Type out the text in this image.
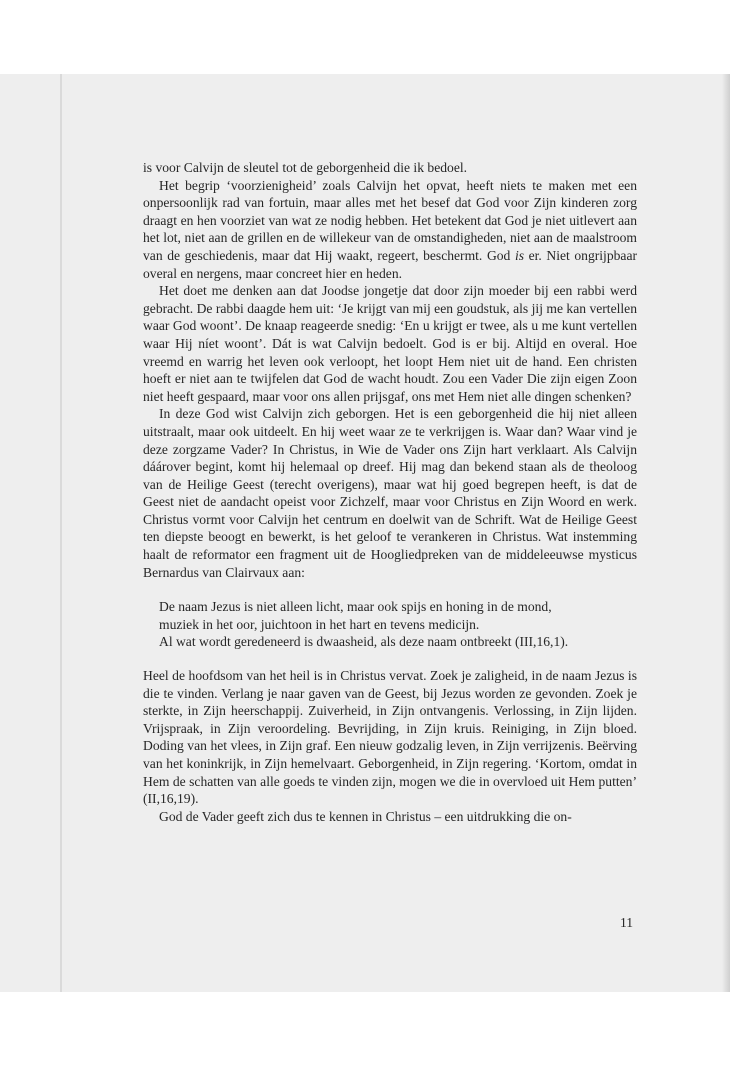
is voor Calvijn de sleutel tot de geborgenheid die ik bedoel.

Het begrip ‘voorzienigheid’ zoals Calvijn het opvat, heeft niets te maken met een onpersoonlijk rad van fortuin, maar alles met het besef dat God voor Zijn kinderen zorg draagt en hen voorziet van wat ze nodig hebben. Het betekent dat God je niet uitlevert aan het lot, niet aan de grillen en de willekeur van de omstandigheden, niet aan de maalstroom van de geschiedenis, maar dat Hij waakt, regeert, beschermt. God is er. Niet ongrijpbaar overal en nergens, maar concreet hier en heden.

Het doet me denken aan dat Joodse jongetje dat door zijn moeder bij een rabbi werd gebracht. De rabbi daagde hem uit: ‘Je krijgt van mij een goudstuk, als jij me kan vertellen waar God woont’. De knaap reageerde snedig: ‘En u krijgt er twee, als u me kunt vertellen waar Hij níet woont’. Dát is wat Calvijn bedoelt. God is er bij. Altijd en overal. Hoe vreemd en warrig het leven ook verloopt, het loopt Hem niet uit de hand. Een christen hoeft er niet aan te twijfelen dat God de wacht houdt. Zou een Vader Die zijn eigen Zoon niet heeft gespaard, maar voor ons allen prijsgaf, ons met Hem niet alle dingen schenken?

In deze God wist Calvijn zich geborgen. Het is een geborgenheid die hij niet alleen uitstraalt, maar ook uitdeelt. En hij weet waar ze te verkrijgen is. Waar dan? Waar vind je deze zorgzame Vader? In Christus, in Wie de Vader ons Zijn hart verklaart. Als Calvijn dáárover begint, komt hij helemaal op dreef. Hij mag dan bekend staan als de theoloog van de Heilige Geest (terecht overigens), maar wat hij goed begrepen heeft, is dat de Geest niet de aandacht opeist voor Zichzelf, maar voor Christus en Zijn Woord en werk. Christus vormt voor Calvijn het centrum en doelwit van de Schrift. Wat de Heilige Geest ten diepste beoogt en bewerkt, is het geloof te verankeren in Christus. Wat instemming haalt de reformator een fragment uit de Hoogliedpreken van de middeleeuwse mysticus Bernardus van Clairvaux aan:

De naam Jezus is niet alleen licht, maar ook spijs en honing in de mond,
muziek in het oor, juichtoon in het hart en tevens medicijn.
Al wat wordt geredeneerd is dwaasheid, als deze naam ontbreekt (III,16,1).

Heel de hoofdsom van het heil is in Christus vervat. Zoek je zaligheid, in de naam Jezus is die te vinden. Verlang je naar gaven van de Geest, bij Jezus worden ze gevonden. Zoek je sterkte, in Zijn heerschappij. Zuiverheid, in Zijn ontvangenis. Verlossing, in Zijn lijden. Vrijspraak, in Zijn veroordeling. Bevrijding, in Zijn kruis. Reiniging, in Zijn bloed. Doding van het vlees, in Zijn graf. Een nieuw godzalig leven, in Zijn verrijzenis. Beërving van het koninkrijk, in Zijn hemelvaart. Geborgenheid, in Zijn regering. ‘Kortom, omdat in Hem de schatten van alle goeds te vinden zijn, mogen we die in overvloed uit Hem putten’ (II,16,19).

God de Vader geeft zich dus te kennen in Christus – een uitdrukking die on-

11
